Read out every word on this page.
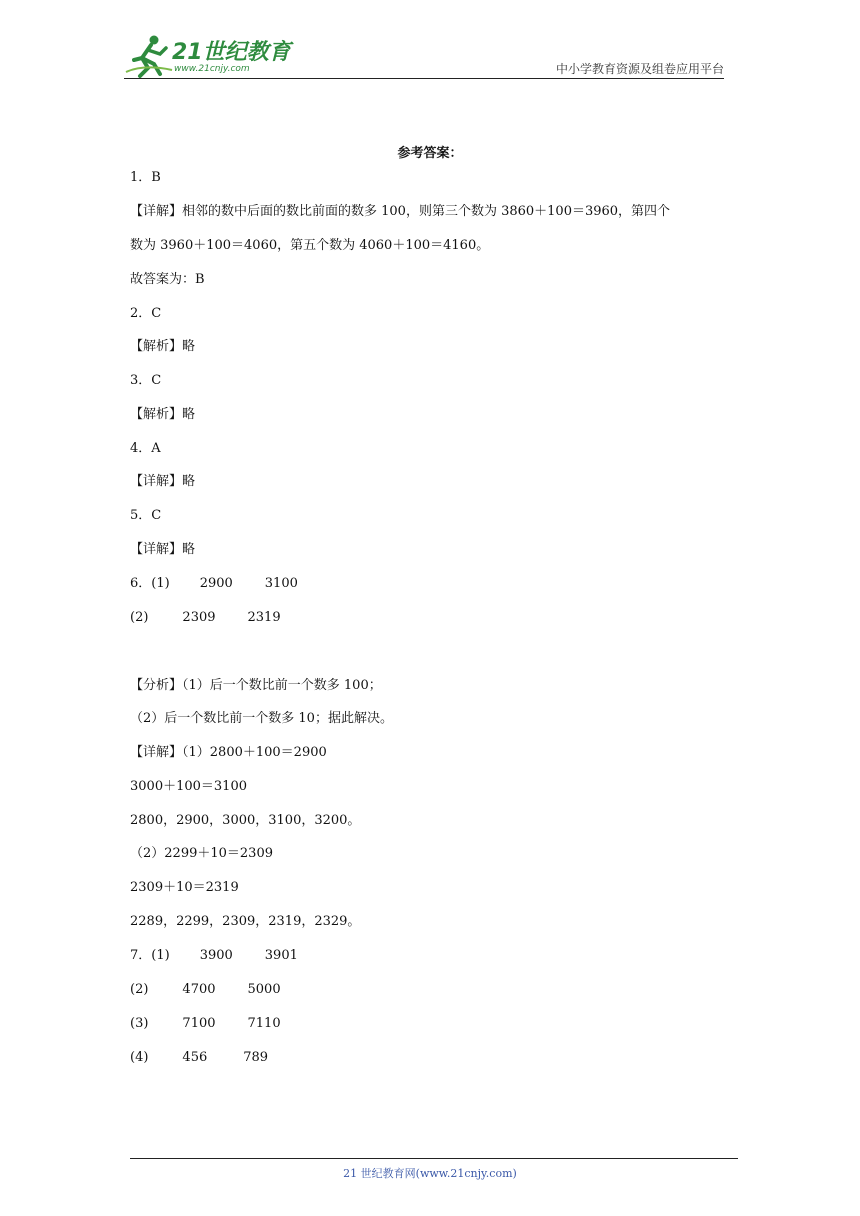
21世纪教育
www.21cnjy.com	中小学教育资源及组卷应用平台
参考答案：
1．B
【详解】相邻的数中后面的数比前面的数多 100，则第三个数为 3860＋100＝3960，第四个
数为 3960＋100＝4060，第五个数为 4060＋100＝4160。
故答案为：B
2．C
【解析】略
3．C
【解析】略
4．A
【详解】略
5．C
【详解】略
6．(1) 2900 3100
(2)	2309 2319
【分析】（1）后一个数比前一个数多 100；
（2）后一个数比前一个数多 10；据此解决。
【详解】（1）2800＋100＝2900
3000＋100＝3100
2800，2900，3000，3100，3200。
（2）2299＋10＝2309
2309＋10＝2319
2289，2299，2309，2319，2329。
7．(1) 3900 3901
(2)	4700 5000
(3)	7100 7110
(4)	456	789
21 世纪教育网(www.21cnjy.com)
